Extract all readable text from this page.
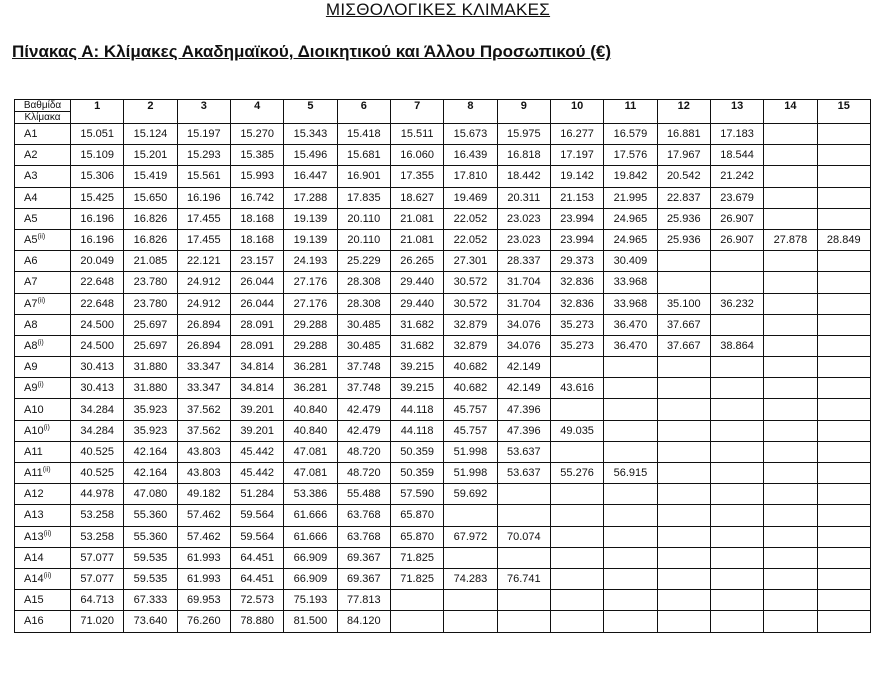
ΜΙΣΘΟΛΟΓΙΚΕΣ ΚΛΙΜΑΚΕΣ
Πίνακας Α: Κλίμακες Ακαδημαϊκού, Διοικητικού και Άλλου Προσωπικού (€)
Βαθμίδα
Κλίμακα	1	2	3	4	5	6	7	8	9	10	11	12	13	14	15
A1	15.051	15.124	15.197	15.270	15.343	15.418	15.511	15.673	15.975	16.277	16.579	16.881	17.183		
A2	15.109	15.201	15.293	15.385	15.496	15.681	16.060	16.439	16.818	17.197	17.576	17.967	18.544		
A3	15.306	15.419	15.561	15.993	16.447	16.901	17.355	17.810	18.442	19.142	19.842	20.542	21.242		
A4	15.425	15.650	16.196	16.742	17.288	17.835	18.627	19.469	20.311	21.153	21.995	22.837	23.679		
A5	16.196	16.826	17.455	18.168	19.139	20.110	21.081	22.052	23.023	23.994	24.965	25.936	26.907		
A5$^{(ii)}$	16.196	16.826	17.455	18.168	19.139	20.110	21.081	22.052	23.023	23.994	24.965	25.936	26.907	27.878	28.849
A6	20.049	21.085	22.121	23.157	24.193	25.229	26.265	27.301	28.337	29.373	30.409				
A7	22.648	23.780	24.912	26.044	27.176	28.308	29.440	30.572	31.704	32.836	33.968				
A7$^{(ii)}$	22.648	23.780	24.912	26.044	27.176	28.308	29.440	30.572	31.704	32.836	33.968	35.100	36.232		
A8	24.500	25.697	26.894	28.091	29.288	30.485	31.682	32.879	34.076	35.273	36.470	37.667			
A8$^{(i)}$	24.500	25.697	26.894	28.091	29.288	30.485	31.682	32.879	34.076	35.273	36.470	37.667	38.864		
A9	30.413	31.880	33.347	34.814	36.281	37.748	39.215	40.682	42.149						
A9$^{(i)}$	30.413	31.880	33.347	34.814	36.281	37.748	39.215	40.682	42.149	43.616					
A10	34.284	35.923	37.562	39.201	40.840	42.479	44.118	45.757	47.396						
A10$^{(i)}$	34.284	35.923	37.562	39.201	40.840	42.479	44.118	45.757	47.396	49.035					
A11	40.525	42.164	43.803	45.442	47.081	48.720	50.359	51.998	53.637						
A11$^{(ii)}$	40.525	42.164	43.803	45.442	47.081	48.720	50.359	51.998	53.637	55.276	56.915				
A12	44.978	47.080	49.182	51.284	53.386	55.488	57.590	59.692							
A13	53.258	55.360	57.462	59.564	61.666	63.768	65.870								
A13$^{(ii)}$	53.258	55.360	57.462	59.564	61.666	63.768	65.870	67.972	70.074						
A14	57.077	59.535	61.993	64.451	66.909	69.367	71.825								
A14$^{(ii)}$	57.077	59.535	61.993	64.451	66.909	69.367	71.825	74.283	76.741						
A15	64.713	67.333	69.953	72.573	75.193	77.813									
A16	71.020	73.640	76.260	78.880	81.500	84.120									
